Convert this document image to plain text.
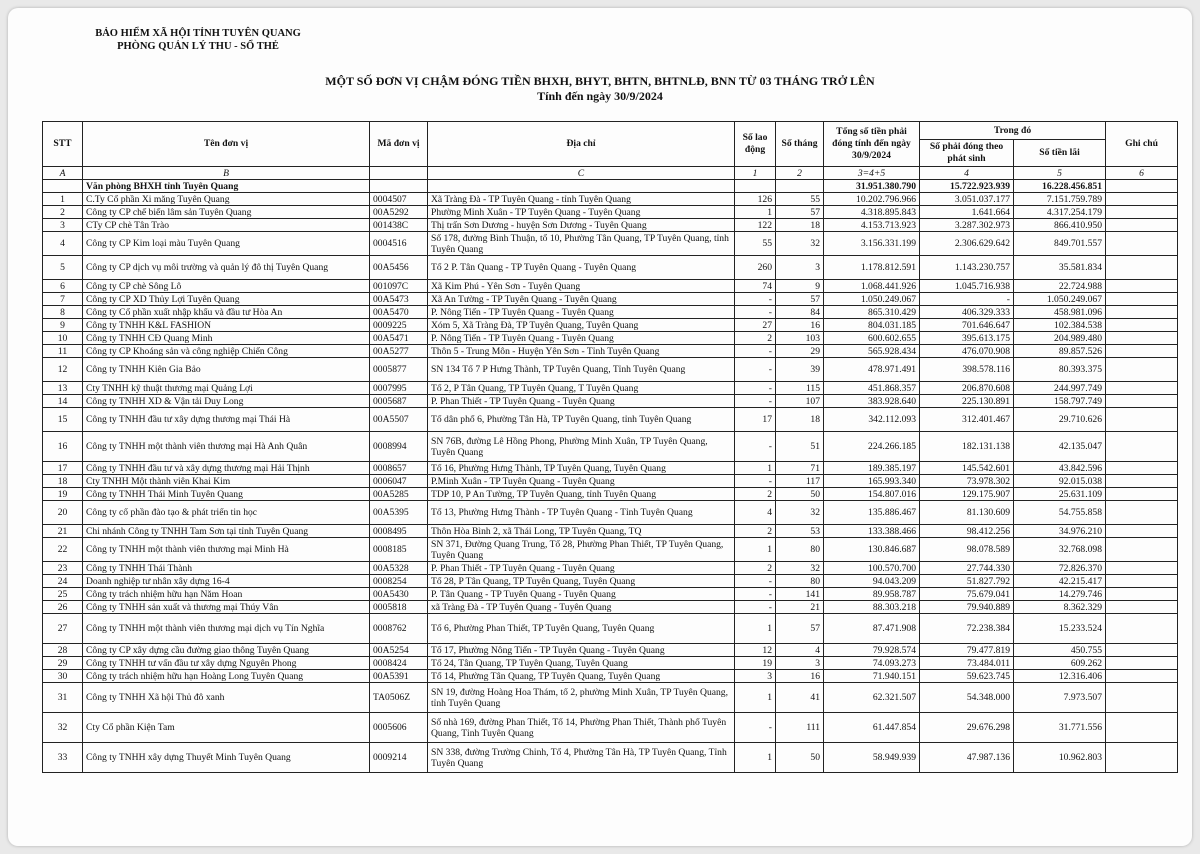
BẢO HIỂM XÃ HỘI TỈNH TUYÊN QUANG
PHÒNG QUẢN LÝ THU - SỔ THẺ
MỘT SỐ ĐƠN VỊ CHẬM ĐÓNG TIỀN BHXH, BHYT, BHTN, BHTNLĐ, BNN TỪ 03 THÁNG TRỞ LÊN
Tính đến ngày 30/9/2024
STT	Tên đơn vị	Mã đơn vị	Địa chỉ	Số lao động	Số tháng	Tổng số tiền phải đóng tính đến ngày 30/9/2024	Trong đó		Ghi chú
							Số phải đóng theo phát sinh	Số tiền lãi	
A	B		C	1	2	3=4+5	4	5	6
	Văn phòng BHXH tỉnh Tuyên Quang					31.951.380.790	15.722.923.939	16.228.456.851	
1	C.Ty Cổ phần Xi măng Tuyên Quang	0004507	Xã Tràng Đà - TP Tuyên Quang - tỉnh Tuyên Quang	126	55	10.202.796.966	3.051.037.177	7.151.759.789	
2	Công ty CP chế biến lâm sản Tuyên Quang	00A5292	Phường Minh Xuân - TP Tuyên Quang - Tuyên Quang	1	57	4.318.895.843	1.641.664	4.317.254.179	
3	CTy CP chè Tân Trào	001438C	Thị trấn Sơn Dương - huyện Sơn Dương - Tuyên Quang	122	18	4.153.713.923	3.287.302.973	866.410.950	
4	Công ty CP Kim loại màu Tuyên Quang	0004516	Số 178, đường Bình Thuận, tổ 10, Phường Tân Quang, TP Tuyên Quang, tỉnh Tuyên Quang	55	32	3.156.331.199	2.306.629.642	849.701.557	
5	Công ty CP dịch vụ môi trường và quản lý đô thị Tuyên Quang	00A5456	Tổ 2 P. Tân Quang - TP Tuyên Quang - Tuyên Quang	260	3	1.178.812.591	1.143.230.757	35.581.834	
6	Công ty CP chè Sông Lô	001097C	Xã Kim Phú - Yên Sơn - Tuyên Quang	74	9	1.068.441.926	1.045.716.938	22.724.988	
7	Công ty CP XD Thủy Lợi Tuyên Quang	00A5473	Xã An Tường - TP Tuyên Quang - Tuyên Quang	-	57	1.050.249.067	-	1.050.249.067	
8	Công ty Cổ phần xuất nhập khẩu và đầu tư Hòa An	00A5470	P. Nông Tiến - TP Tuyên Quang - Tuyên Quang	-	84	865.310.429	406.329.333	458.981.096	
9	Công ty TNHH K&L FASHION	0009225	Xóm 5, Xã Tràng Đà, TP Tuyên Quang, Tuyên Quang	27	16	804.031.185	701.646.647	102.384.538	
10	Công ty TNHH CĐ Quang Minh	00A5471	P. Nông Tiến - TP Tuyên Quang - Tuyên Quang	2	103	600.602.655	395.613.175	204.989.480	
11	Công ty CP Khoáng sản và công nghiệp Chiến Công	00A5277	Thôn 5 - Trung Môn - Huyện Yên Sơn - Tỉnh Tuyên Quang	-	29	565.928.434	476.070.908	89.857.526	
12	Công ty TNHH Kiên Gia Bảo	0005877	SN 134 Tổ 7 P Hưng Thành, TP Tuyên Quang, Tỉnh Tuyên Quang	-	39	478.971.491	398.578.116	80.393.375	
13	Cty TNHH kỹ thuật thương mại Quảng Lợi	0007995	Tổ 2, P Tân Quang, TP Tuyên Quang, T Tuyên Quang	-	115	451.868.357	206.870.608	244.997.749	
14	Công ty TNHH XD & Vận tải Duy Long	0005687	P. Phan Thiết - TP Tuyên Quang - Tuyên Quang	-	107	383.928.640	225.130.891	158.797.749	
15	Công ty TNHH đầu tư xây dựng thương mại Thái Hà	00A5507	Tổ dân phố 6, Phường Tân Hà, TP Tuyên Quang, tỉnh Tuyên Quang	17	18	342.112.093	312.401.467	29.710.626	
16	Công ty TNHH một thành viên thương mại Hà Anh Quân	0008994	SN 76B, đường Lê Hồng Phong, Phường Minh Xuân, TP Tuyên Quang, Tuyên Quang	-	51	224.266.185	182.131.138	42.135.047	
17	Công ty TNHH đầu tư và xây dựng thương mại Hải Thịnh	0008657	Tổ 16, Phường Hưng Thành, TP Tuyên Quang, Tuyên Quang	1	71	189.385.197	145.542.601	43.842.596	
18	Cty TNHH Một thành viên Khai Kim	0006047	P.Minh Xuân - TP Tuyên Quang - Tuyên Quang	-	117	165.993.340	73.978.302	92.015.038	
19	Công ty TNHH Thái Minh Tuyên Quang	00A5285	TDP 10, P An Tường, TP Tuyên Quang, tỉnh Tuyên Quang	2	50	154.807.016	129.175.907	25.631.109	
20	Công ty cổ phần đào tạo & phát triển tin học	00A5395	Tổ 13, Phường Hưng Thành - TP Tuyên Quang - Tỉnh Tuyên Quang	4	32	135.886.467	81.130.609	54.755.858	
21	Chi nhánh Công ty TNHH Tam Sơn tại tỉnh Tuyên Quang	0008495	Thôn Hòa Bình 2, xã Thái Long, TP Tuyên Quang, TQ	2	53	133.388.466	98.412.256	34.976.210	
22	Công ty TNHH một thành viên thương mại Minh Hà	0008185	SN 371, Đường Quang Trung, Tổ 28, Phường Phan Thiết, TP Tuyên Quang, Tuyên Quang	1	80	130.846.687	98.078.589	32.768.098	
23	Công ty TNHH Thái Thành	00A5328	P. Phan Thiết - TP Tuyên Quang - Tuyên Quang	2	32	100.570.700	27.744.330	72.826.370	
24	Doanh nghiệp tư nhân xây dựng 16-4	0008254	Tổ 28, P Tân Quang, TP Tuyên Quang, Tuyên Quang	-	80	94.043.209	51.827.792	42.215.417	
25	Công ty trách nhiệm hữu hạn Năm Hoan	00A5430	P. Tân Quang - TP Tuyên Quang - Tuyên Quang	-	141	89.958.787	75.679.041	14.279.746	
26	Công ty TNHH sản xuất và thương mại Thúy Vân	0005818	xã Tràng Đà - TP Tuyên Quang - Tuyên Quang	-	21	88.303.218	79.940.889	8.362.329	
27	Công ty TNHH một thành viên thương mại dịch vụ Tín Nghĩa	0008762	Tổ 6, Phường Phan Thiết, TP Tuyên Quang, Tuyên Quang	1	57	87.471.908	72.238.384	15.233.524	
28	Công ty CP xây dựng cầu đường giao thông Tuyên Quang	00A5254	Tổ 17, Phường Nông Tiến - TP Tuyên Quang - Tuyên Quang	12	4	79.928.574	79.477.819	450.755	
29	Công ty TNHH tư vấn đầu tư xây dựng Nguyên Phong	0008424	Tổ 24, Tân Quang, TP Tuyên Quang, Tuyên Quang	19	3	74.093.273	73.484.011	609.262	
30	Công ty trách nhiệm hữu hạn Hoàng Long Tuyên Quang	00A5391	Tổ 14, Phường Tân Quang, TP Tuyên Quang, Tuyên Quang	3	16	71.940.151	59.623.745	12.316.406	
31	Công ty TNHH Xã hội Thủ đô xanh	TA0506Z	SN 19, đường Hoàng Hoa Thám, tổ 2, phường Minh Xuân, TP Tuyên Quang, tỉnh Tuyên Quang	1	41	62.321.507	54.348.000	7.973.507	
32	Cty Cổ phần Kiện Tam	0005606	Số nhà 169, đường Phan Thiết, Tổ 14, Phường Phan Thiết, Thành phố Tuyên Quang, Tỉnh Tuyên Quang	-	111	61.447.854	29.676.298	31.771.556	
33	Công ty TNHH xây dựng Thuyết Minh Tuyên Quang	0009214	SN 338, đường Trường Chinh, Tổ 4, Phường Tân Hà, TP Tuyên Quang, Tỉnh Tuyên Quang	1	50	58.949.939	47.987.136	10.962.803	
